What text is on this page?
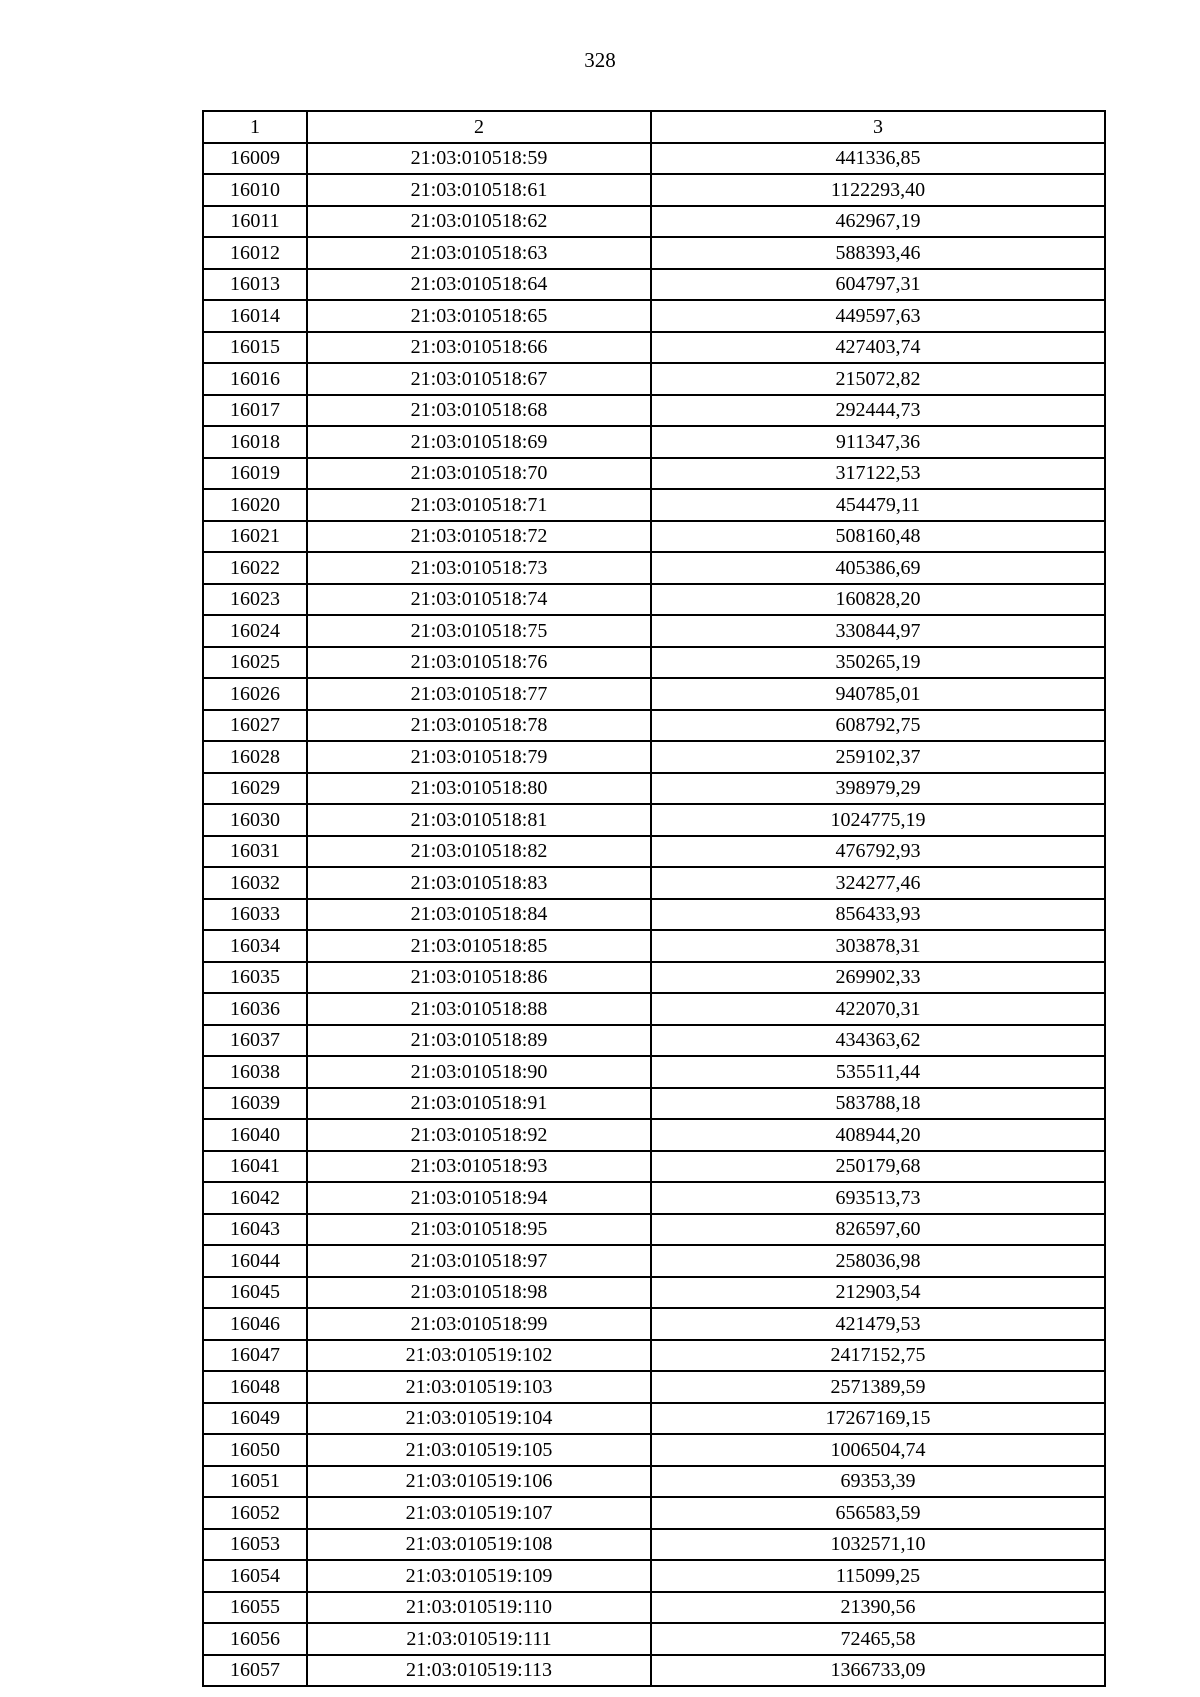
328
1	2	3
16009	21:03:010518:59	441336,85
16010	21:03:010518:61	1122293,40
16011	21:03:010518:62	462967,19
16012	21:03:010518:63	588393,46
16013	21:03:010518:64	604797,31
16014	21:03:010518:65	449597,63
16015	21:03:010518:66	427403,74
16016	21:03:010518:67	215072,82
16017	21:03:010518:68	292444,73
16018	21:03:010518:69	911347,36
16019	21:03:010518:70	317122,53
16020	21:03:010518:71	454479,11
16021	21:03:010518:72	508160,48
16022	21:03:010518:73	405386,69
16023	21:03:010518:74	160828,20
16024	21:03:010518:75	330844,97
16025	21:03:010518:76	350265,19
16026	21:03:010518:77	940785,01
16027	21:03:010518:78	608792,75
16028	21:03:010518:79	259102,37
16029	21:03:010518:80	398979,29
16030	21:03:010518:81	1024775,19
16031	21:03:010518:82	476792,93
16032	21:03:010518:83	324277,46
16033	21:03:010518:84	856433,93
16034	21:03:010518:85	303878,31
16035	21:03:010518:86	269902,33
16036	21:03:010518:88	422070,31
16037	21:03:010518:89	434363,62
16038	21:03:010518:90	535511,44
16039	21:03:010518:91	583788,18
16040	21:03:010518:92	408944,20
16041	21:03:010518:93	250179,68
16042	21:03:010518:94	693513,73
16043	21:03:010518:95	826597,60
16044	21:03:010518:97	258036,98
16045	21:03:010518:98	212903,54
16046	21:03:010518:99	421479,53
16047	21:03:010519:102	2417152,75
16048	21:03:010519:103	2571389,59
16049	21:03:010519:104	17267169,15
16050	21:03:010519:105	1006504,74
16051	21:03:010519:106	69353,39
16052	21:03:010519:107	656583,59
16053	21:03:010519:108	1032571,10
16054	21:03:010519:109	115099,25
16055	21:03:010519:110	21390,56
16056	21:03:010519:111	72465,58
16057	21:03:010519:113	1366733,09
